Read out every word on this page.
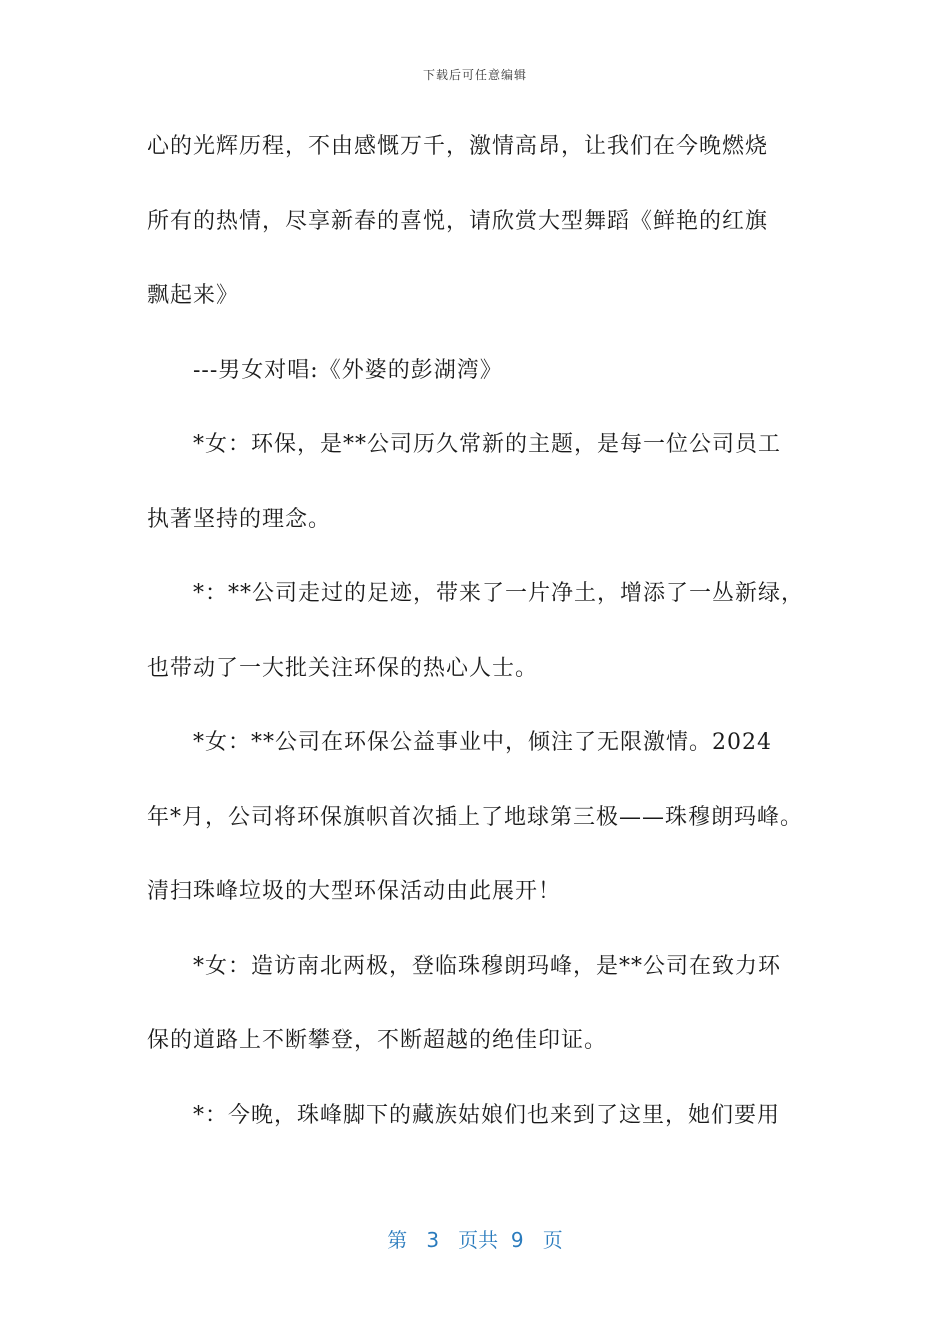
下载后可任意编辑
心的光辉历程，不由感慨万千，激情高昂，让我们在今晚燃烧
所有的热情，尽享新春的喜悦，请欣赏大型舞蹈《鲜艳的红旗
飘起来》
---男女对唱:《外婆的彭湖湾》
*女：环保，是**公司历久常新的主题，是每一位公司员工
执著坚持的理念。
*：**公司走过的足迹，带来了一片净土，增添了一丛新绿，
也带动了一大批关注环保的热心人士。
*女：**公司在环保公益事业中，倾注了无限激情。2024
年*月，公司将环保旗帜首次插上了地球第三极——珠穆朗玛峰。
清扫珠峰垃圾的大型环保活动由此展开！
*女：造访南北两极，登临珠穆朗玛峰，是**公司在致力环
保的道路上不断攀登，不断超越的绝佳印证。
*：今晚，珠峰脚下的藏族姑娘们也来到了这里，她们要用
第 3 页共 9 页
